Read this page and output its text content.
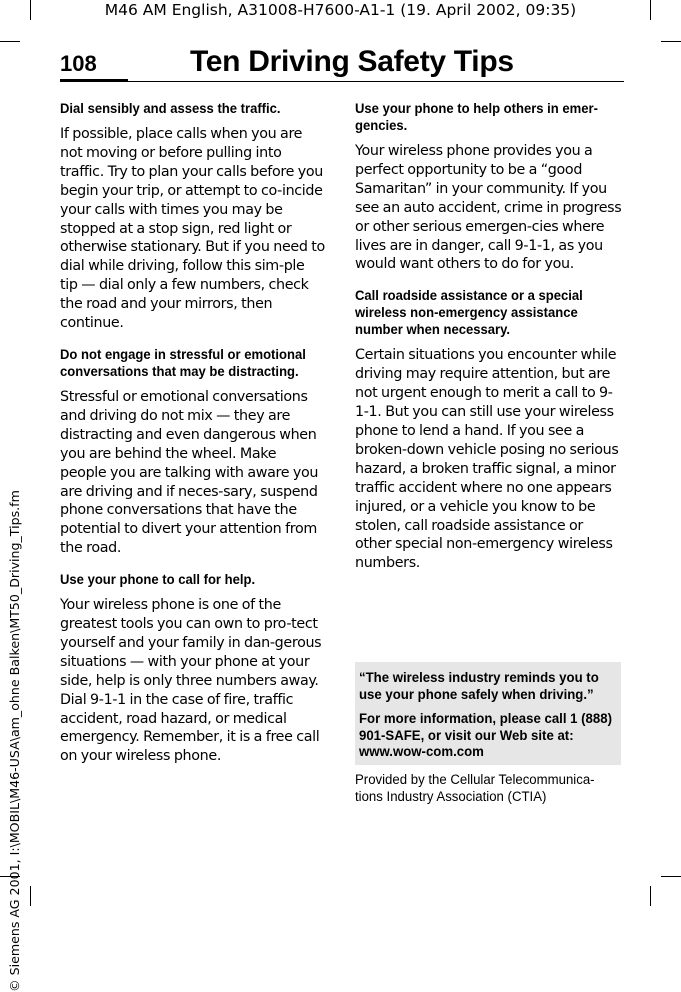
M46 AM English, A31008-H7600-A1-1 (19. April 2002, 09:35)
© Siemens AG 2001, I:\MOBIL\M46-USA\am_ohne Balken\MT50_Driving_Tips.fm
108	Ten Driving Safety Tips
Dial sensibly and assess the traffic.
If possible, place calls when you are not moving or before pulling into traffic. Try to plan your calls before you begin your trip, or attempt to co-incide your calls with times you may be stopped at a stop sign, red light or otherwise stationary. But if you need to dial while driving, follow this sim-ple tip — dial only a few numbers, check the road and your mirrors, then continue.
Do not engage in stressful or emotional conversations that may be distracting.
Stressful or emotional conversations and driving do not mix — they are distracting and even dangerous when you are behind the wheel. Make people you are talking with aware you are driving and if neces-sary, suspend phone conversations that have the potential to divert your attention from the road.
Use your phone to call for help.
Your wireless phone is one of the greatest tools you can own to pro-tect yourself and your family in dan-gerous situations — with your phone at your side, help is only three numbers away. Dial 9-1-1 in the case of fire, traffic accident, road hazard, or medical emergency. Remember, it is a free call on your wireless phone.
Use your phone to help others in emer-gencies.
Your wireless phone provides you a perfect opportunity to be a “good Samaritan” in your community. If you see an auto accident, crime in progress or other serious emergen-cies where lives are in danger, call 9-1-1, as you would want others to do for you.
Call roadside assistance or a special wireless non-emergency assistance number when necessary.
Certain situations you encounter while driving may require attention, but are not urgent enough to merit a call to 9-1-1. But you can still use your wireless phone to lend a hand. If you see a broken-down vehicle posing no serious hazard, a broken traffic signal, a minor traffic accident where no one appears injured, or a vehicle you know to be stolen, call roadside assistance or other special non-emergency wireless numbers.

“The wireless industry reminds you to use your phone safely when driving.”

For more information, please call 1 (888) 901-SAFE, or visit our Web site at: www.wow-com.com

Provided by the Cellular Telecommunica-tions Industry Association (CTIA)
